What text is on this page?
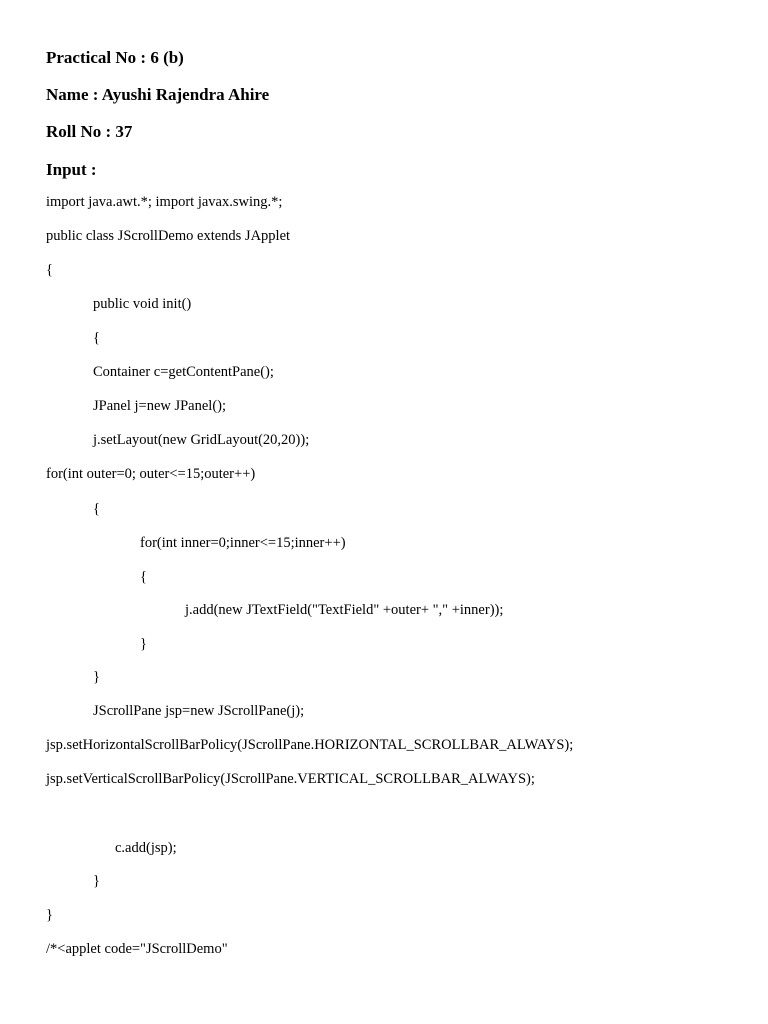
Practical No : 6 (b)
Name : Ayushi Rajendra Ahire
Roll No : 37
Input :
import java.awt.*; import javax.swing.*;
public class JScrollDemo extends JApplet
{
public void init()
{
Container c=getContentPane();
JPanel j=new JPanel();
j.setLayout(new GridLayout(20,20));
for(int outer=0; outer<=15;outer++)
{
for(int inner=0;inner<=15;inner++)
{
j.add(new JTextField("TextField" +outer+ "," +inner));
}
}
JScrollPane jsp=new JScrollPane(j);
jsp.setHorizontalScrollBarPolicy(JScrollPane.HORIZONTAL_SCROLLBAR_ALWAYS);
jsp.setVerticalScrollBarPolicy(JScrollPane.VERTICAL_SCROLLBAR_ALWAYS);
c.add(jsp);
}
}
/*<applet code="JScrollDemo"
